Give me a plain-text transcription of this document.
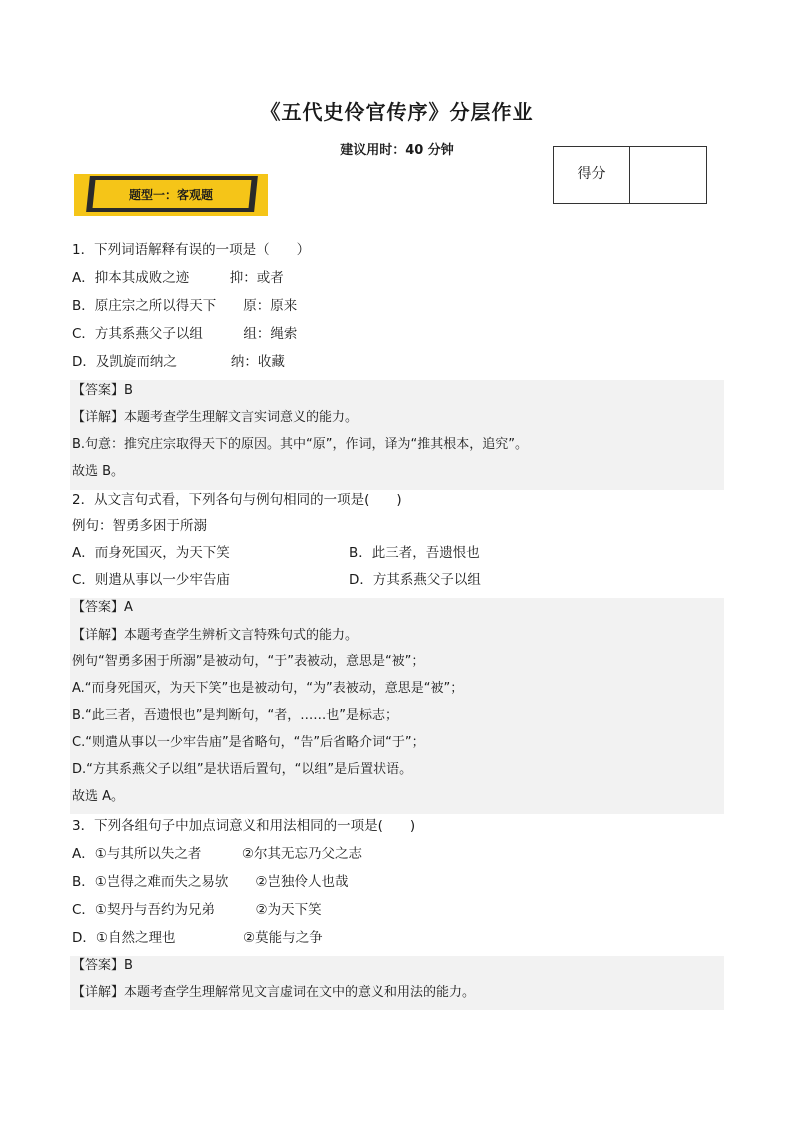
《五代史伶官传序》分层作业
建议用时：40 分钟
得分
题型一：客观题
1．下列词语解释有误的一项是（　　）
A．抑本其成败之迹　　　抑：或者
B．原庄宗之所以得天下　　原：原来
C．方其系燕父子以组　　　组：绳索
D．及凯旋而纳之　　　　纳：收藏
【答案】B
【详解】本题考查学生理解文言实词意义的能力。
B.句意：推究庄宗取得天下的原因。其中“原”，作词，译为“推其根本，追究”。
故选 B。
2．从文言句式看，下列各句与例句相同的一项是(　　)
例句：智勇多困于所溺
A．而身死国灭，为天下笑	B．此三者，吾遗恨也
C．则遣从事以一少牢告庙	D．方其系燕父子以组
【答案】A
【详解】本题考查学生辨析文言特殊句式的能力。
例句“智勇多困于所溺”是被动句，“于”表被动，意思是“被”；
A.“而身死国灭，为天下笑”也是被动句，“为”表被动，意思是“被”；
B.“此三者，吾遗恨也”是判断句，“者，……也”是标志；
C.“则遣从事以一少牢告庙”是省略句，“告”后省略介词“于”；
D.“方其系燕父子以组”是状语后置句，“以组”是后置状语。
故选 A。
3．下列各组句子中加点词意义和用法相同的一项是(　　)
A．①与其所以失之者　　　②尔其无忘乃父之志
B．①岂得之难而失之易欤　　②岂独伶人也哉
C．①契丹与吾约为兄弟　　　②为天下笑
D．①自然之理也　　　　　②莫能与之争
【答案】B
【详解】本题考查学生理解常见文言虚词在文中的意义和用法的能力。
